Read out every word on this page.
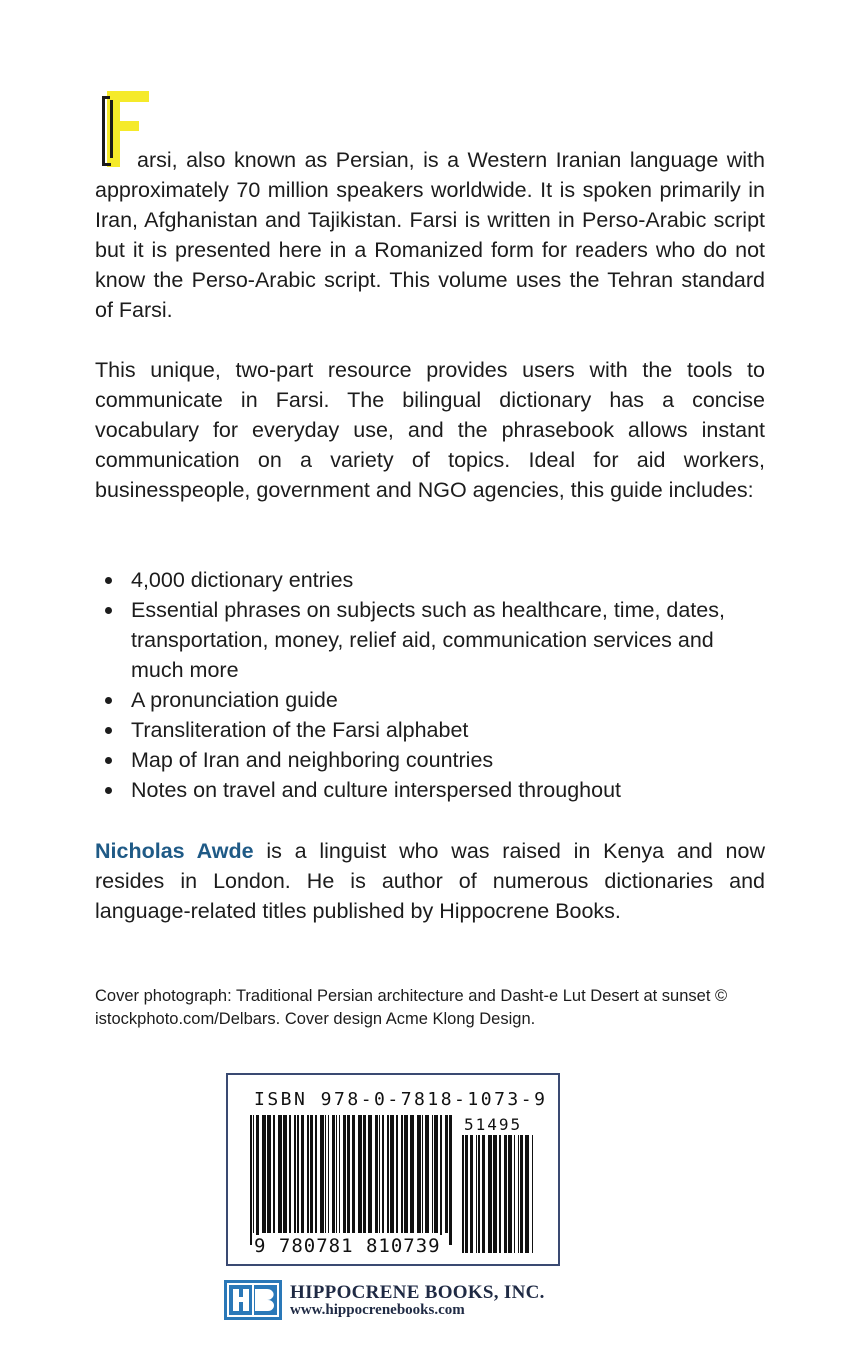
arsi, also known as Persian, is a Western Iranian language with approximately 70 million speakers worldwide. It is spoken primarily in Iran, Afghanistan and Tajikistan. Farsi is written in Perso-Arabic script but it is presented here in a Romanized form for readers who do not know the Perso-Arabic script. This volume uses the Tehran standard of Farsi.

This unique, two-part resource provides users with the tools to communicate in Farsi. The bilingual dictionary has a concise vocabulary for everyday use, and the phrasebook allows instant communication on a variety of topics. Ideal for aid workers, businesspeople, government and NGO agencies, this guide includes:

4,000 dictionary entries
Essential phrases on subjects such as healthcare, time, dates, transportation, money, relief aid, communication services and much more
A pronunciation guide
Transliteration of the Farsi alphabet
Map of Iran and neighboring countries
Notes on travel and culture interspersed throughout

Nicholas Awde is a linguist who was raised in Kenya and now resides in London. He is author of numerous dictionaries and language-related titles published by Hippocrene Books.

Cover photograph: Traditional Persian architecture and Dasht-e Lut Desert at sunset © istockphoto.com/Delbars. Cover design Acme Klong Design.

ISBN 978-0-7818-1073-9
51495
9 780781 810739
HIPPOCRENE BOOKS, INC.
www.hippocrenebooks.com
